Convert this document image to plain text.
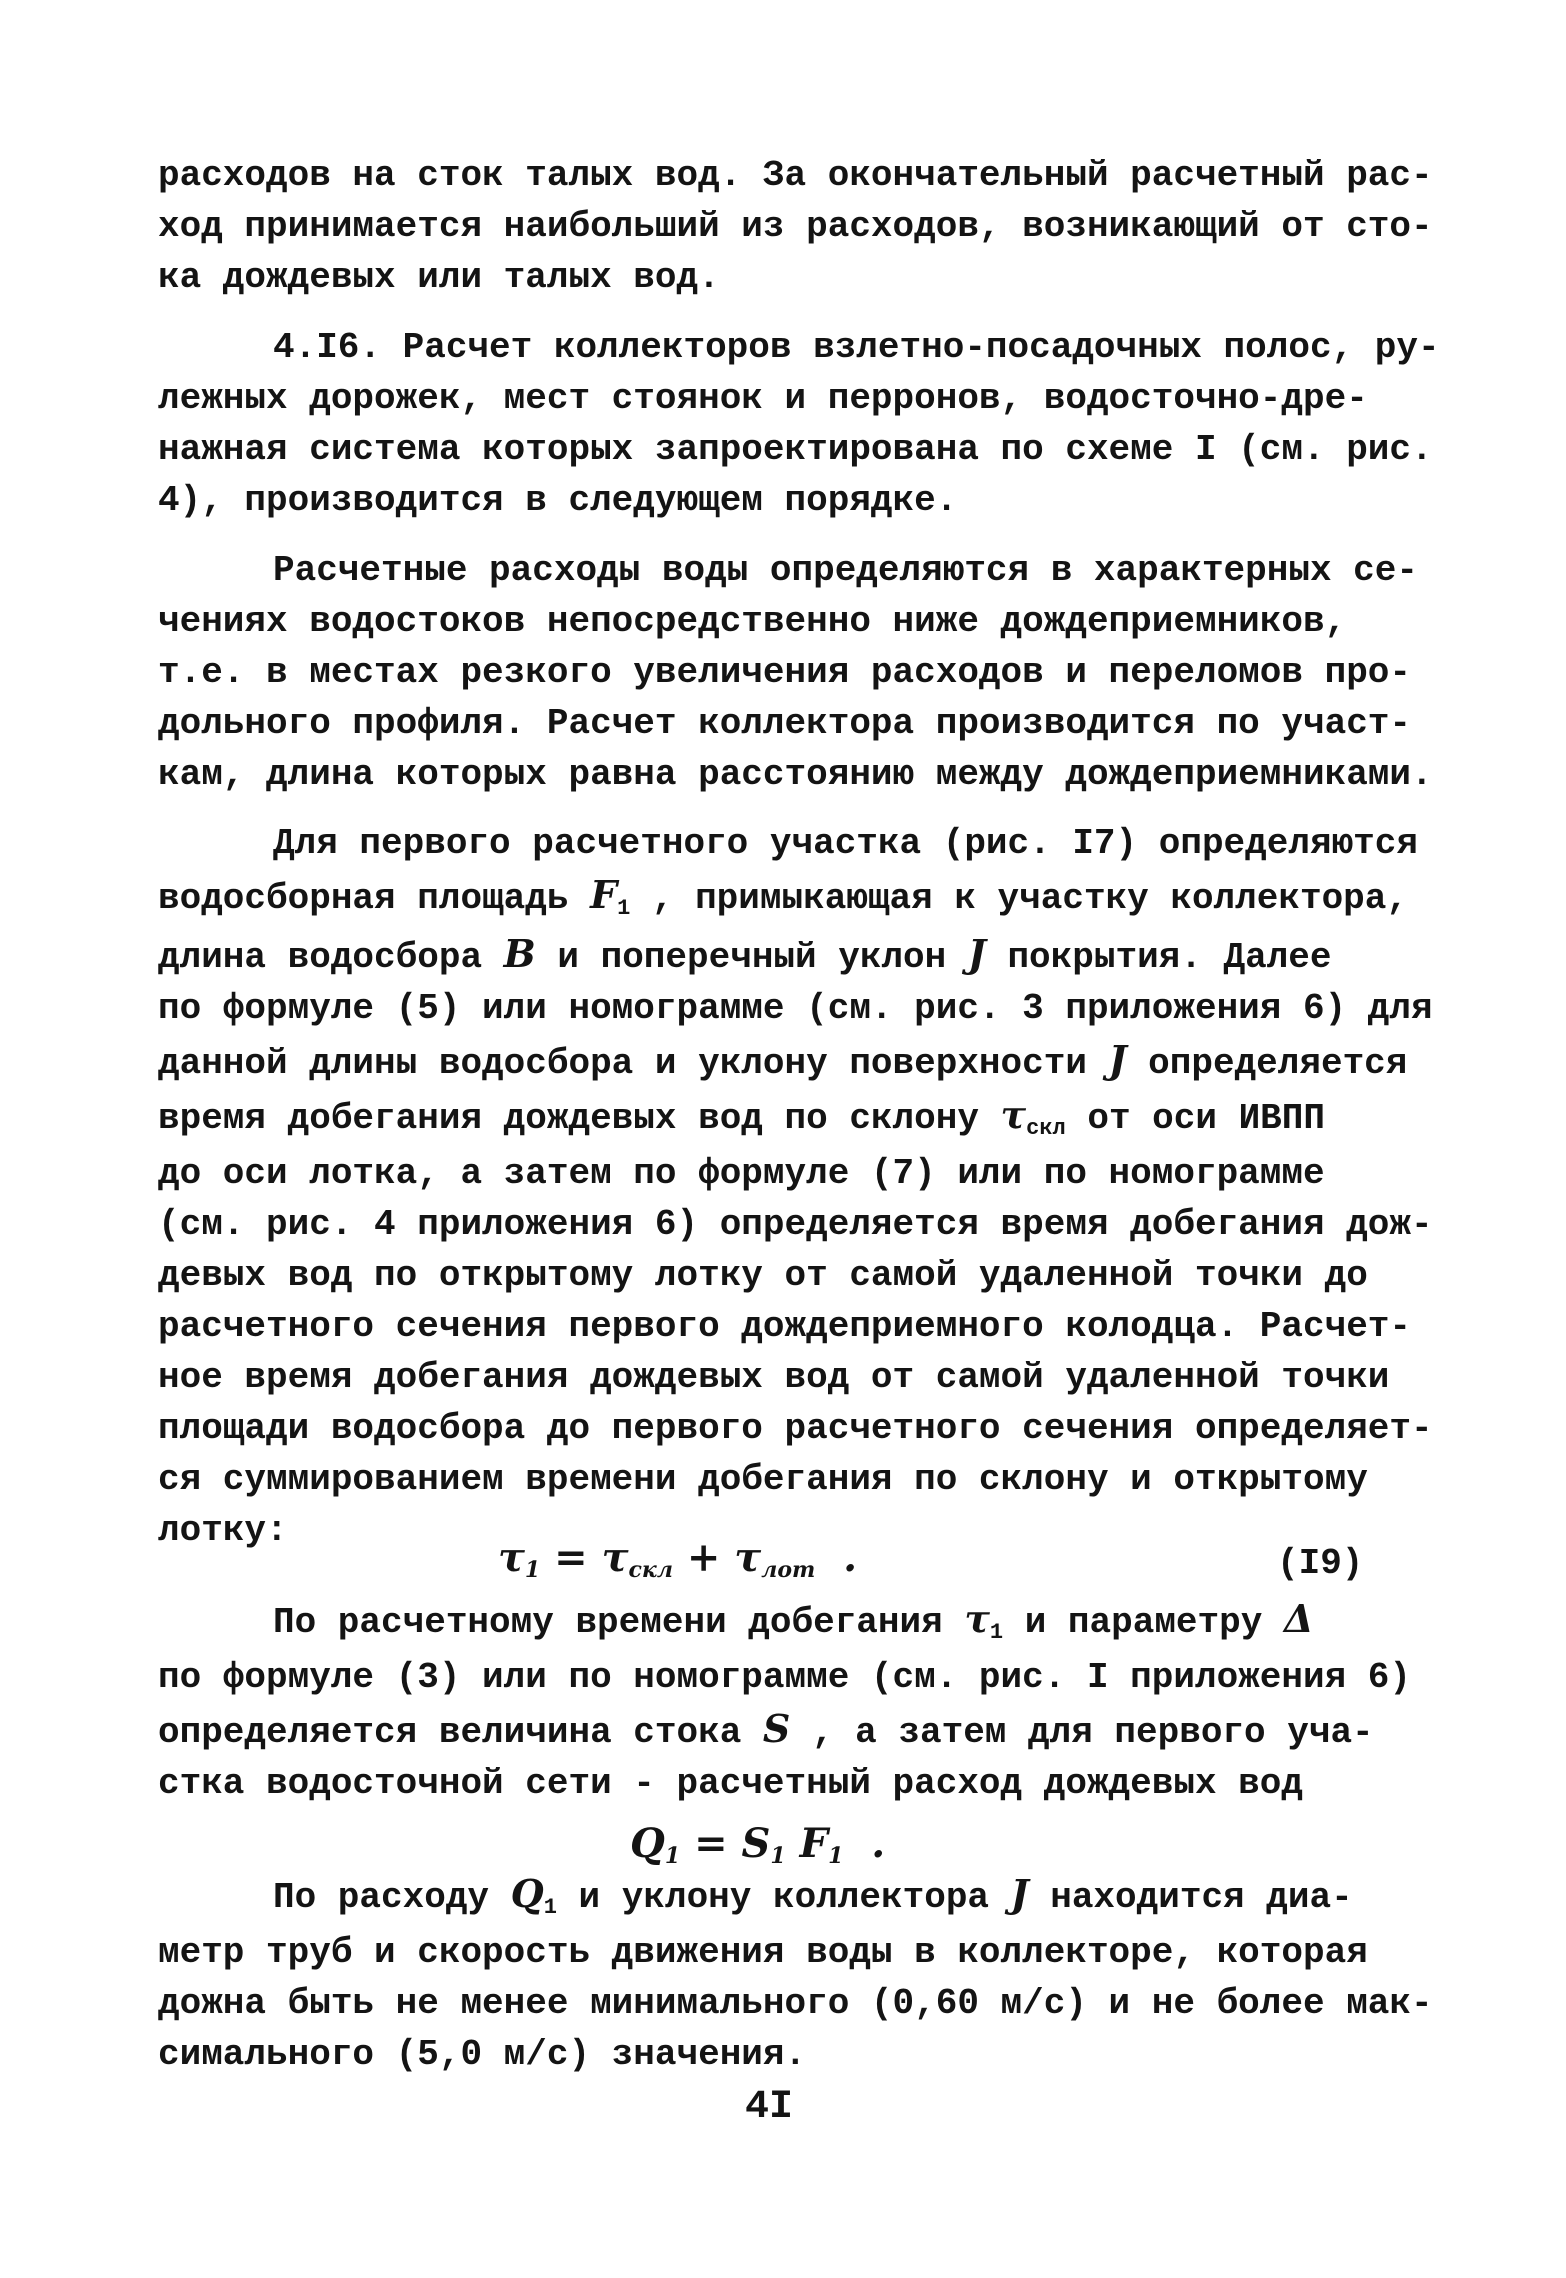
расходов на сток талых вод. За окончательный расчетный рас-
ход принимается наибольший из расходов, возникающий от сто-
ка дождевых или талых вод.

4.I6. Расчет коллекторов взлетно-посадочных полос, ру-
лежных дорожек, мест стоянок и перронов, водосточно-дре-
нажная система которых запроектирована по схеме I (см. рис.
4), производится в следующем порядке.

Расчетные расходы воды определяются в характерных се-
чениях водостоков непосредственно ниже дождеприемников,
т.е. в местах резкого увеличения расходов и переломов про-
дольного профиля. Расчет коллектора производится по участ-
кам, длина которых равна расстоянию между дождеприемниками.

Для первого расчетного участка (рис. I7) определяются
водосборная площадь F1 , примыкающая к участку коллектора,
длина водосбора B и поперечный уклон J покрытия. Далее
по формуле (5) или номограмме (см. рис. 3 приложения 6) для
данной длины водосбора и уклону поверхности J определяется
время добегания дождевых вод по склону τскл от оси ИВПП
до оси лотка, а затем по формуле (7) или по номограмме
(см. рис. 4 приложения 6) определяется время добегания дож-
девых вод по открытому лотку от самой удаленной точки до
расчетного сечения первого дождеприемного колодца. Расчет-
ное время добегания дождевых вод от самой удаленной точки
площади водосбора до первого расчетного сечения определяет-
ся суммированием времени добегания по склону и открытому
лотку:
τ1 = τскл + τлот  .	(I9)
По расчетному времени добегания τ1 и параметру Δ
по формуле (3) или по номограмме (см. рис. I приложения 6)
определяется величина стока S , а затем для первого уча-
стка водосточной сети - расчетный расход дождевых вод
Q1 = S1 F1  .
По расходу Q1 и уклону коллектора J находится диа-
метр труб и скорость движения воды в коллекторе, которая
дожна быть не менее минимального (0,60 м/с) и не более мак-
симального (5,0 м/с) значения.
4I
